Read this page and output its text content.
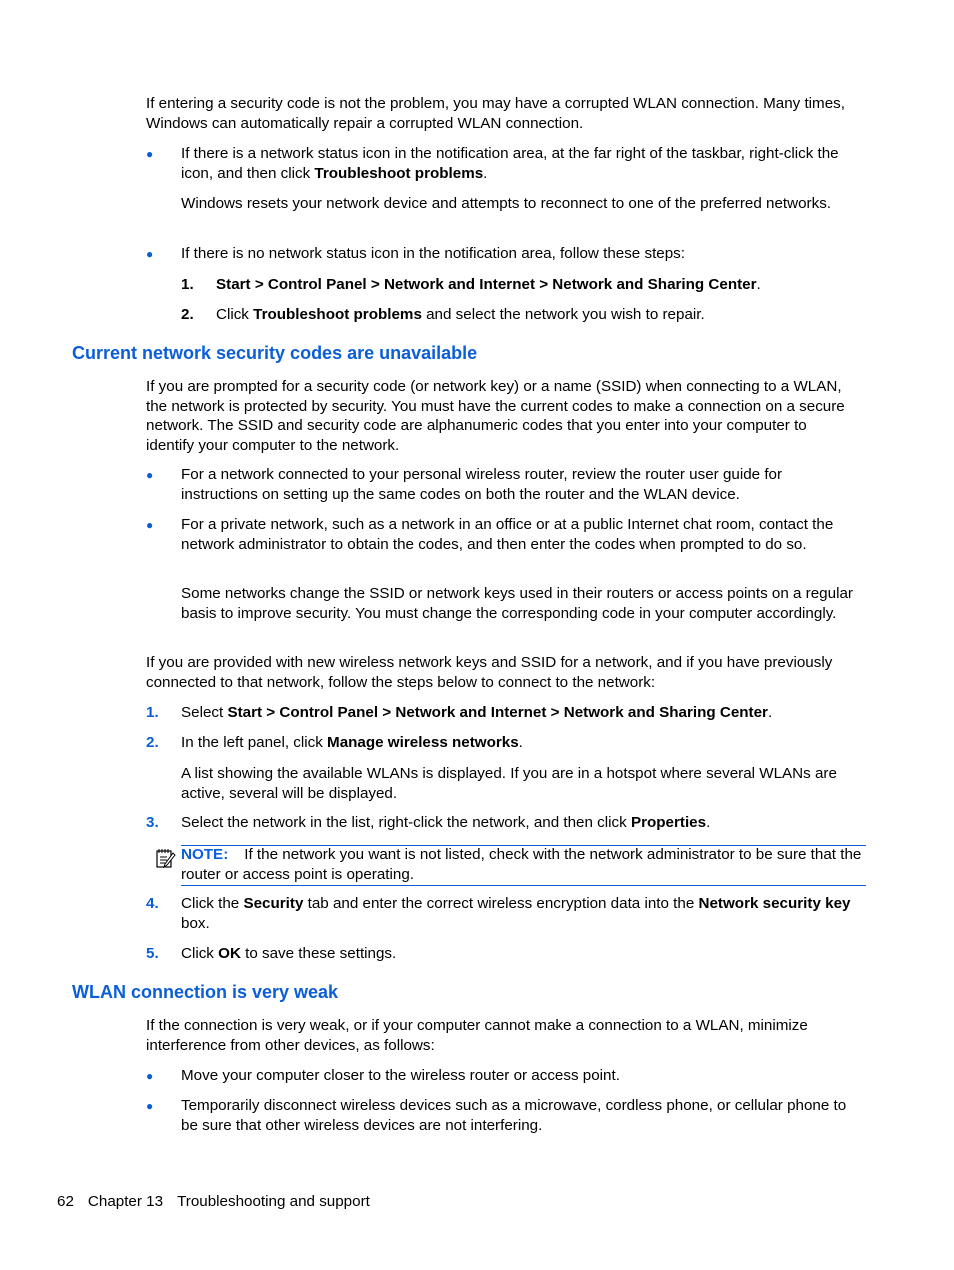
If entering a security code is not the problem, you may have a corrupted WLAN connection. Many times, Windows can automatically repair a corrupted WLAN connection.

● If there is a network status icon in the notification area, at the far right of the taskbar, right-click the icon, and then click Troubleshoot problems.

Windows resets your network device and attempts to reconnect to one of the preferred networks.

● If there is no network status icon in the notification area, follow these steps:

1. Start > Control Panel > Network and Internet > Network and Sharing Center.

2. Click Troubleshoot problems and select the network you wish to repair.

Current network security codes are unavailable

If you are prompted for a security code (or network key) or a name (SSID) when connecting to a WLAN, the network is protected by security. You must have the current codes to make a connection on a secure network. The SSID and security code are alphanumeric codes that you enter into your computer to identify your computer to the network.

● For a network connected to your personal wireless router, review the router user guide for instructions on setting up the same codes on both the router and the WLAN device.

● For a private network, such as a network in an office or at a public Internet chat room, contact the network administrator to obtain the codes, and then enter the codes when prompted to do so.

Some networks change the SSID or network keys used in their routers or access points on a regular basis to improve security. You must change the corresponding code in your computer accordingly.

If you are provided with new wireless network keys and SSID for a network, and if you have previously connected to that network, follow the steps below to connect to the network:

1. Select Start > Control Panel > Network and Internet > Network and Sharing Center.

2. In the left panel, click Manage wireless networks.

A list showing the available WLANs is displayed. If you are in a hotspot where several WLANs are active, several will be displayed.

3. Select the network in the list, right-click the network, and then click Properties.

NOTE: If the network you want is not listed, check with the network administrator to be sure that the router or access point is operating.
4. Click the Security tab and enter the correct wireless encryption data into the Network security key box.

5. Click OK to save these settings.

WLAN connection is very weak

If the connection is very weak, or if your computer cannot make a connection to a WLAN, minimize interference from other devices, as follows:

● Move your computer closer to the wireless router or access point.

● Temporarily disconnect wireless devices such as a microwave, cordless phone, or cellular phone to be sure that other wireless devices are not interfering.

62 Chapter 13 Troubleshooting and support
